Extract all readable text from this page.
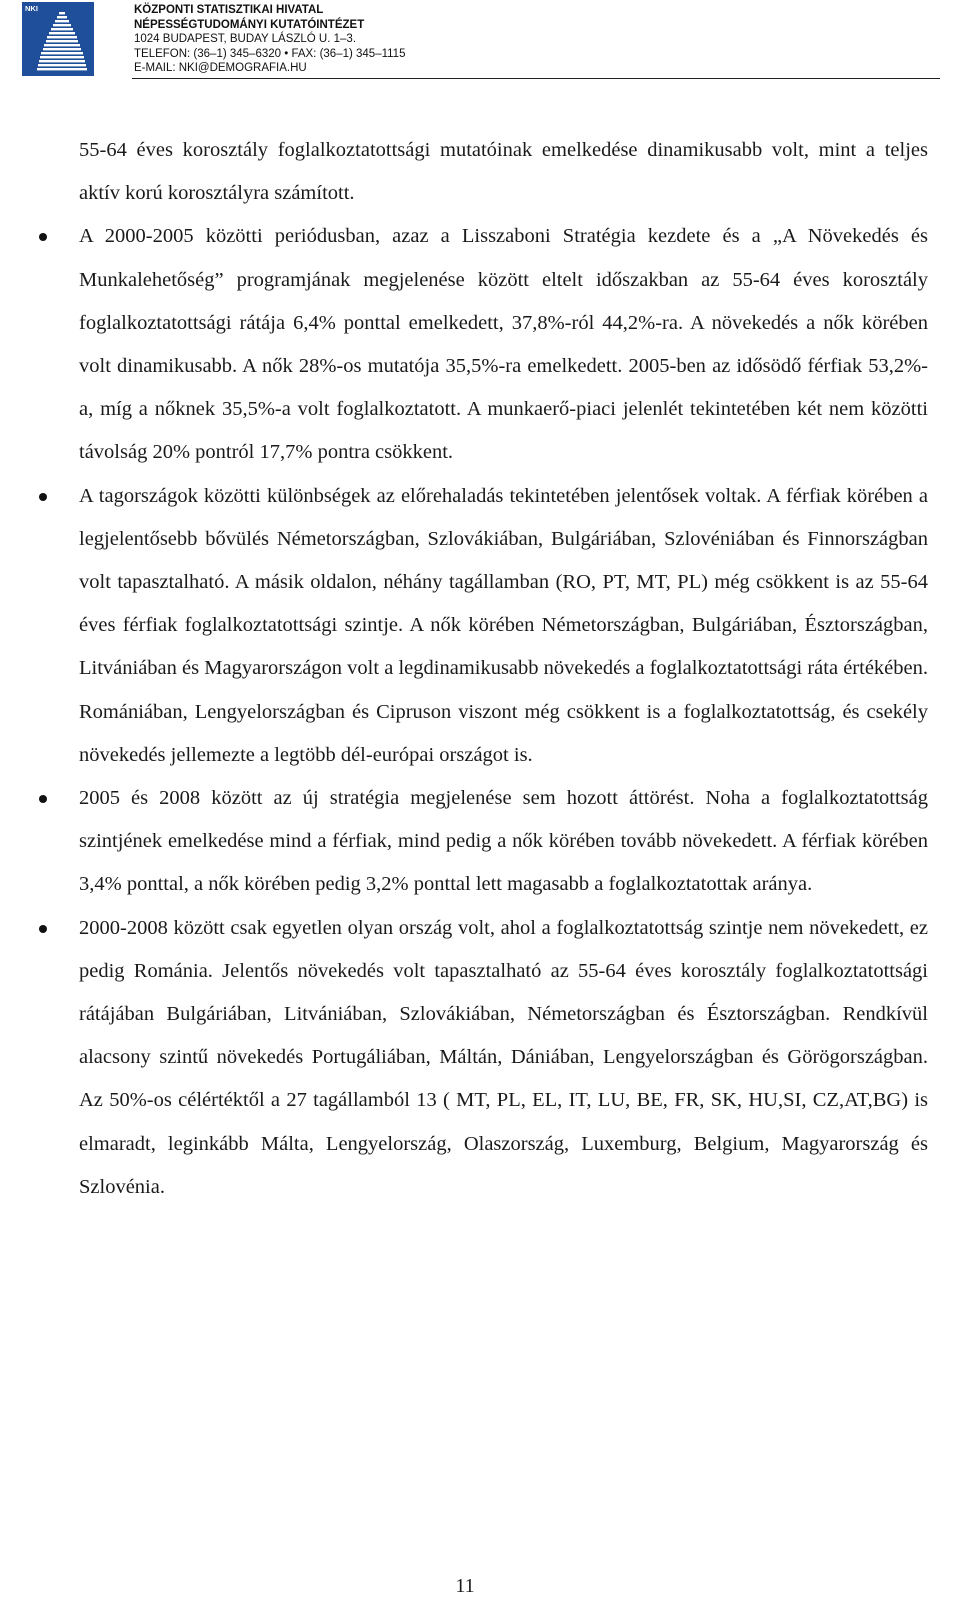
NKI	KÖZPONTI STATISZTIKAI HIVATAL
NÉPESSÉGTUDOMÁNYI KUTATÓINTÉZET
1024 BUDAPEST, BUDAY LÁSZLÓ U. 1–3.
TELEFON: (36–1) 345–6320 • FAX: (36–1) 345–1115
E-MAIL: NKI@DEMOGRAFIA.HU

55-64 éves korosztály foglalkoztatottsági mutatóinak emelkedése dinamikusabb volt, mint a teljes aktív korú korosztályra számított.

A 2000-2005 közötti periódusban, azaz a Lisszaboni Stratégia kezdete és a „A Növekedés és Munkalehetőség” programjának megjelenése között eltelt időszakban az 55-64 éves korosztály foglalkoztatottsági rátája 6,4% ponttal emelkedett, 37,8%-ról 44,2%-ra. A növekedés a nők körében volt dinamikusabb. A nők 28%-os mutatója 35,5%-ra emelkedett. 2005-ben az idősödő férfiak 53,2%-a, míg a nőknek 35,5%-a volt foglalkoztatott. A munkaerő-piaci jelenlét tekintetében két nem közötti távolság 20% pontról 17,7% pontra csökkent.
A tagországok közötti különbségek az előrehaladás tekintetében jelentősek voltak. A férfiak körében a legjelentősebb bővülés Németországban, Szlovákiában, Bulgáriában, Szlovéniában és Finnországban volt tapasztalható. A másik oldalon, néhány tagállamban (RO, PT, MT, PL) még csökkent is az 55-64 éves férfiak foglalkoztatottsági szintje. A nők körében Németországban, Bulgáriában, Észtországban, Litvániában és Magyarországon volt a legdinamikusabb növekedés a foglalkoztatottsági ráta értékében. Romániában, Lengyelországban és Cipruson viszont még csökkent is a foglalkoztatottság, és csekély növekedés jellemezte a legtöbb dél-európai országot is.
2005 és 2008 között az új stratégia megjelenése sem hozott áttörést. Noha a foglalkoztatottság szintjének emelkedése mind a férfiak, mind pedig a nők körében tovább növekedett. A férfiak körében 3,4% ponttal, a nők körében pedig 3,2% ponttal lett magasabb a foglalkoztatottak aránya.
2000-2008 között csak egyetlen olyan ország volt, ahol a foglalkoztatottság szintje nem növekedett, ez pedig Románia. Jelentős növekedés volt tapasztalható az 55-64 éves korosztály foglalkoztatottsági rátájában Bulgáriában, Litvániában, Szlovákiában, Németországban és Észtországban. Rendkívül alacsony szintű növekedés Portugáliában, Máltán, Dániában, Lengyelországban és Görögországban. Az 50%-os célértéktől a 27 tagállamból 13 ( MT, PL, EL, IT, LU, BE, FR, SK, HU,SI, CZ,AT,BG) is elmaradt, leginkább Málta, Lengyelország, Olaszország, Luxemburg, Belgium, Magyarország és Szlovénia.
11
